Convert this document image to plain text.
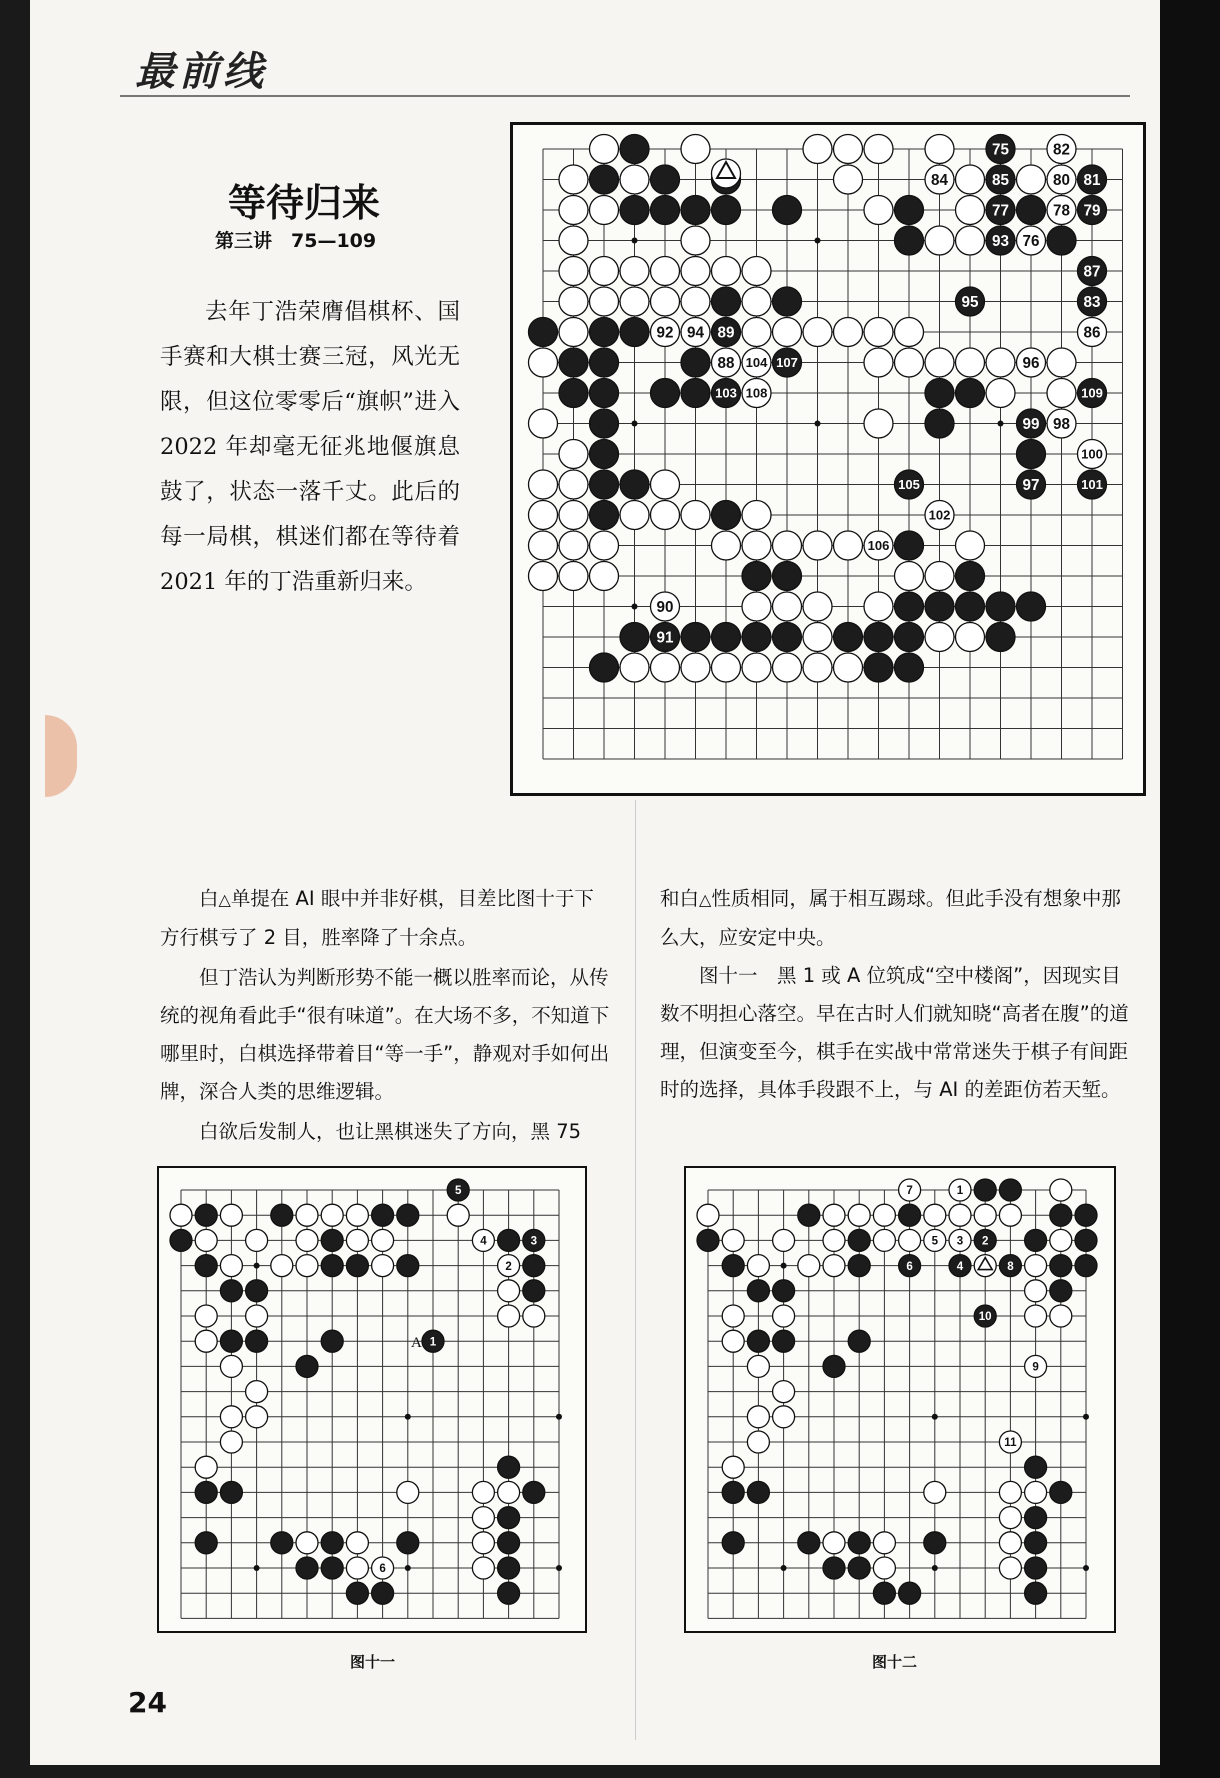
最前线
等待归来
第三讲　75—109

去年丁浩荣膺倡棋杯、国手赛和大棋士赛三冠，风光无限，但这位零零后“旗帜”进入 2022 年却毫无征兆地偃旗息鼓了，状态一落千丈。此后的每一局棋，棋迷们都在等待着 2021 年的丁浩重新归来。

75	82
84	85	80 81
77	78 79
93 76
87
95	83
86
92 94 89
88 104 107	96
103 108	109
99 98
100
105	97	101
102
106
90
91

白△单提在 AI 眼中并非好棋，目差比图十于下方行棋亏了 2 目，胜率降了十余点。

但丁浩认为判断形势不能一概以胜率而论，从传统的视角看此手“很有味道”。在大场不多，不知道下哪里时，白棋选择带着目“等一手”，静观对手如何出牌，深合人类的思维逻辑。

白欲后发制人，也让黑棋迷失了方向，黑 75

和白△性质相同，属于相互踢球。但此手没有想象中那么大，应安定中央。

图十一　黑 1 或 A 位筑成“空中楼阁”，因现实目数不明担心落空。早在古时人们就知晓“高者在腹”的道理，但演变至今，棋手在实战中常常迷失于棋子有间距时的选择，具体手段跟不上，与 AI 的差距仿若天堑。

5
4	3
2
1
6
A
图十一
7	1
5 3 2
6	4	8
10
9
11
图十二
24
